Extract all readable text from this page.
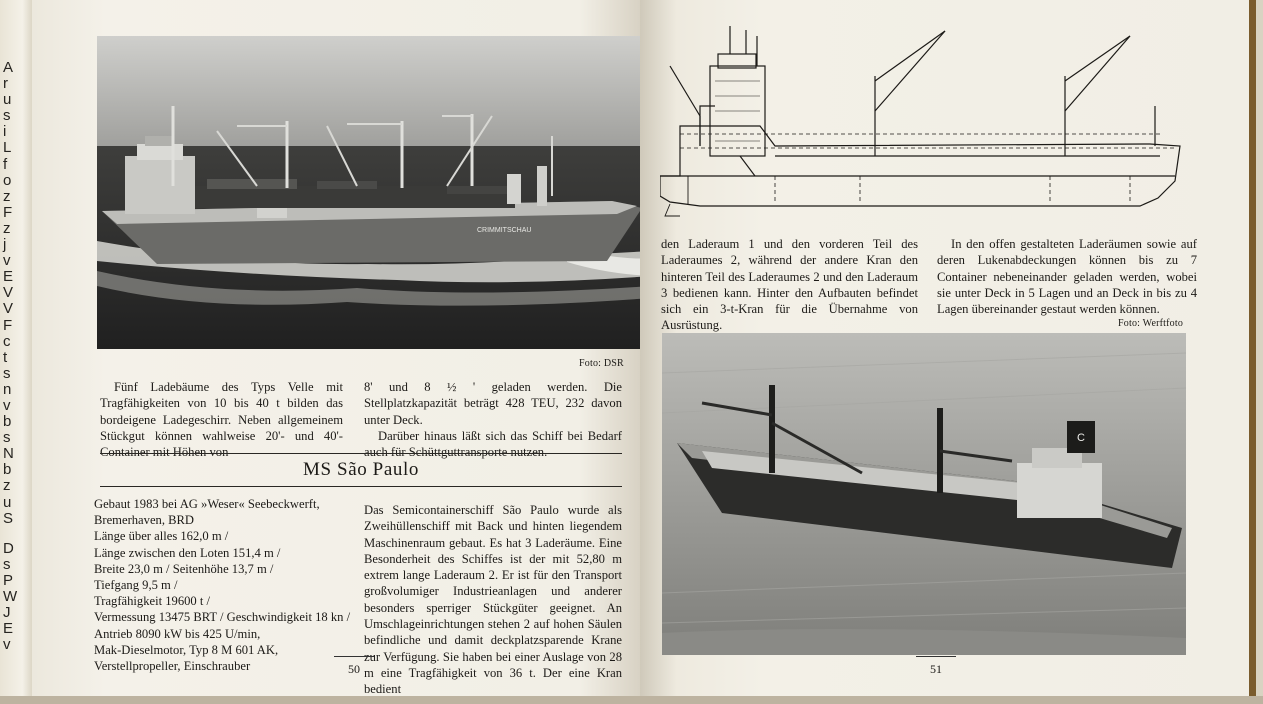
A
r
u
s
i
L
f
o
z
F
z
j
v
E
V
V
F
c
t
s
n
v
b
s
N
b
z
u
S
D
s
P
W
J
E
v
CRIMMITSCHAU
Foto: DSR

Fünf Ladebäume des Typs Velle mit Tragfähigkeiten von 10 bis 40 t bilden das bordeigene Ladegeschirr. Neben allgemeinem Stückgut können wahlweise 20'- und 40'-Container mit Höhen von

8' und 8 ½ ' geladen werden. Die Stellplatzkapazität beträgt 428 TEU, 232 davon unter Deck.

Darüber hinaus läßt sich das Schiff bei Bedarf auch für Schüttguttransporte nutzen.

MS São Paulo
Gebaut 1983 bei AG »Weser« Seebeckwerft,
Bremerhaven, BRD
Länge über alles 162,0 m /
Länge zwischen den Loten 151,4 m /
Breite 23,0 m / Seitenhöhe 13,7 m /
Tiefgang 9,5 m /
Tragfähigkeit 19600 t /
Vermessung 13475 BRT / Geschwindigkeit 18 kn /
Antrieb 8090 kW bis 425 U/min,
Mak-Dieselmotor, Typ 8 M 601 AK,
Verstellpropeller, Einschrauber

Das Semicontainerschiff São Paulo wurde als Zweihüllenschiff mit Back und hinten liegendem Maschinenraum gebaut. Es hat 3 Laderäume. Eine Besonderheit des Schiffes ist der mit 52,80 m extrem lange Laderaum 2. Er ist für den Transport großvolumiger Industrieanlagen und anderer besonders sperriger Stückgüter geeignet. An Umschlageinrichtungen stehen 2 auf hohen Säulen befindliche und damit deckplatzsparende Krane zur Verfügung. Sie haben bei einer Auslage von 28 m eine Tragfähigkeit von 36 t. Der eine Kran bedient

50

den Laderaum 1 und den vorderen Teil des Laderaumes 2, während der andere Kran den hinteren Teil des Laderaumes 2 und den Laderaum 3 bedienen kann. Hinter den Aufbauten befindet sich ein 3-t-Kran für die Übernahme von Ausrüstung.

In den offen gestalteten Laderäumen sowie auf deren Lukenabdeckungen können bis zu 7 Container nebeneinander geladen werden, wobei sie unter Deck in 5 Lagen und an Deck in bis zu 4 Lagen übereinander gestaut werden können.

Foto: Werftfoto
C
51
